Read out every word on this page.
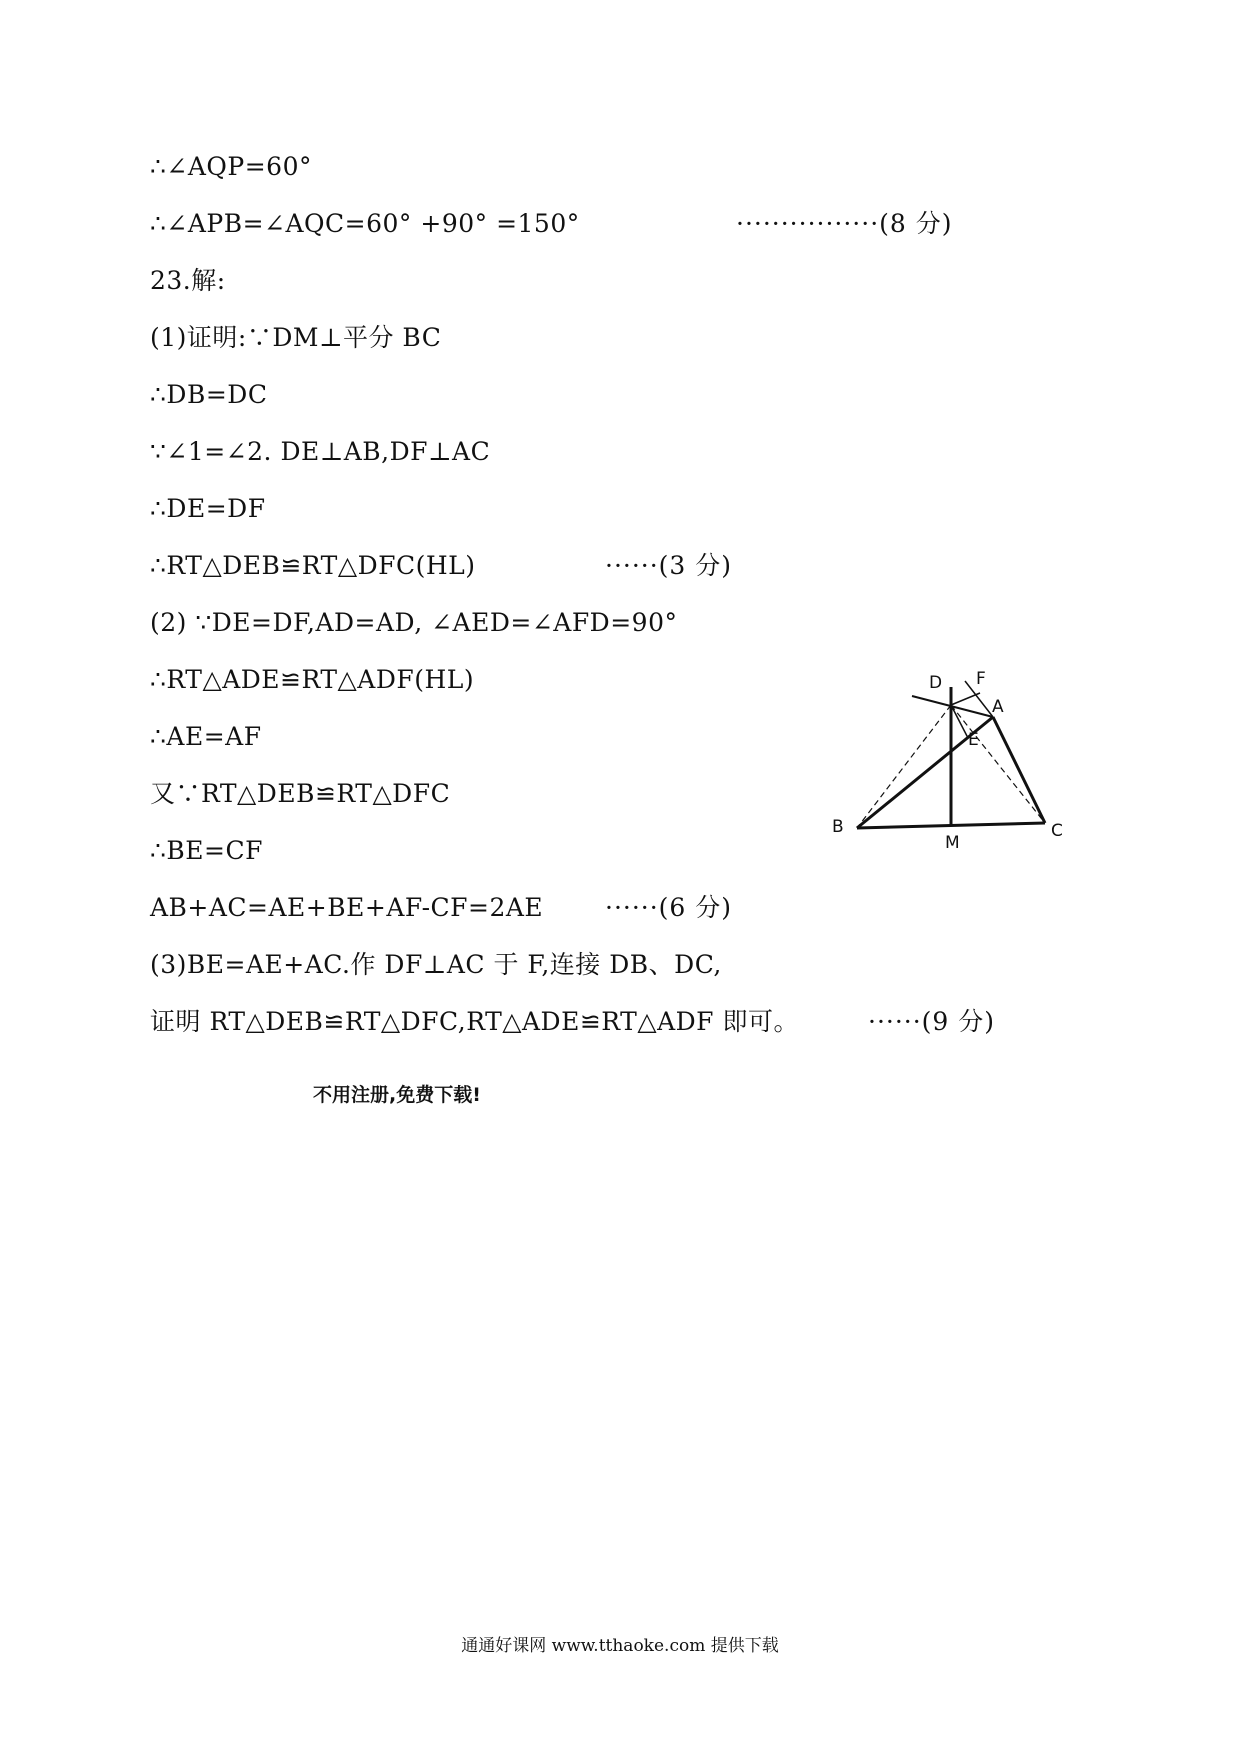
∴∠AQP=60°
∴∠APB=∠AQC=60° +90° =150°	················(8 分)
23.解:
(1)证明:∵DM⊥平分 BC
∴DB=DC
∵∠1=∠2. DE⊥AB,DF⊥AC
∴DE=DF
∴RT△DEB≌RT△DFC(HL)	······(3 分)
(2) ∵DE=DF,AD=AD, ∠AED=∠AFD=90°
∴RT△ADE≌RT△ADF(HL)
∴AE=AF
又∵RT△DEB≌RT△DFC
∴BE=CF
AB+AC=AE+BE+AF-CF=2AE ······(6 分)
(3)BE=AE+AC.作 DF⊥AC 于 F,连接 DB、DC,
证明 RT△DEB≌RT△DFC,RT△ADE≌RT△ADF 即可。	······(9 分)
D F
A
E
B
M
C
不用注册,免费下载!
通通好课网 www.tthaoke.com 提供下载
